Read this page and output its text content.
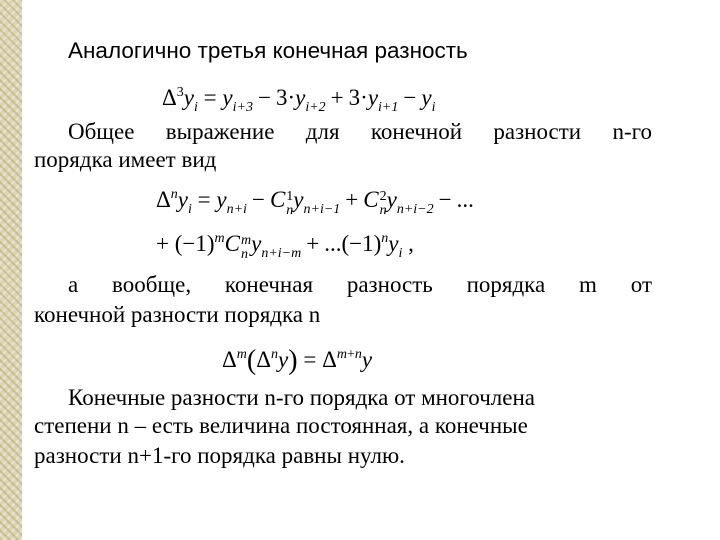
Аналогично третья конечная разность
$\Delta^3y_i = y_{i+3} - 3\cdot y_{i+2} + 3\cdot y_{i+1} - y_i$
Общее выражение для конечной разности n-го
порядка имеет вид
$\Delta^ny_i = y_{n+i} - C$ 1
n $y_{n+i-1} + C$ 2
n $y_{n+i-2}$ − ...
+ $(-1)^mC$ m
n $y_{n+i-m} + ...(-1)^ny_i$ ,
а вообще, конечная разность порядка m от
конечной разности порядка n
$\Delta^m(\Delta^ny) = \Delta^{m+n}y$
Конечные разности n-го порядка от многочлена
степени n – есть величина постоянная, а конечные
разности n+1-го порядка равны нулю.
